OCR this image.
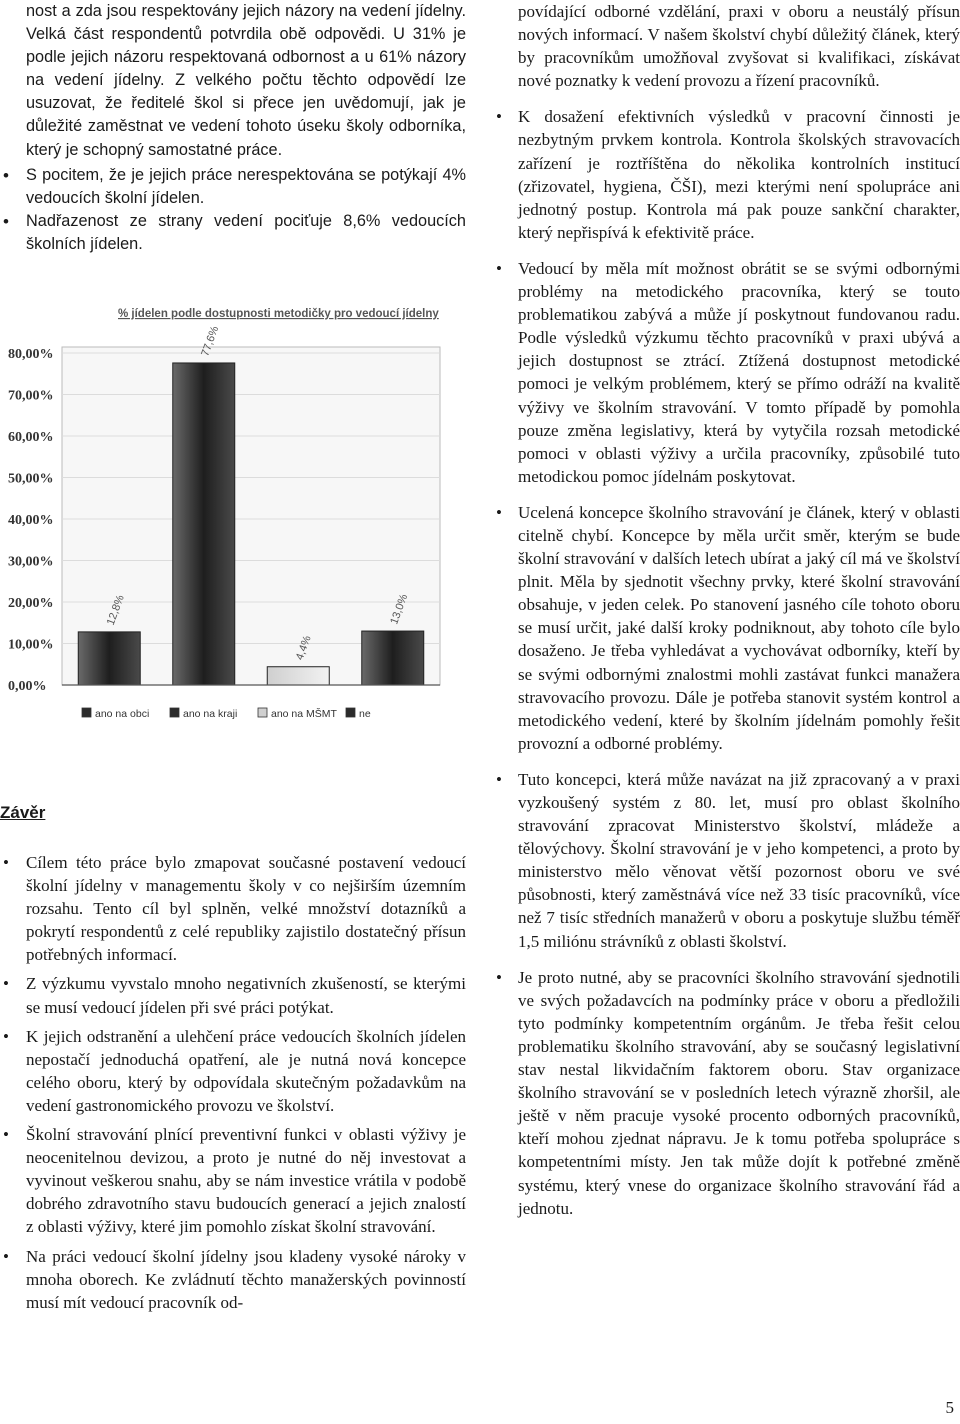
nost a zda jsou respektovány jejich názory na vedení jídelny. Velká část respondentů potvrdila obě odpovědi. U 31% je podle jejich názoru respektovaná odbornost a u 61% názory na vedení jídelny. Z velkého počtu těchto odpovědí lze usuzovat, že ředitelé škol si přece jen uvědomují, jak je důležité zaměstnat ve vedení tohoto úseku školy odborníka, který je schopný samostatné práce.

• S pocitem, že je jejich práce nerespektována se potýkají 4% vedoucích školní jídelen.
• Nadřazenost ze strany vedení pociťuje 8,6% vedoucích školních jídelen.
% jídelen podle dostupnosti metodičky pro vedoucí jídelny
80,00%
70,00%
60,00%
50,00%
40,00%
30,00%
20,00%
10,00%
0,00%
12,8%
77,6%
4,4%
13,0%
ano na obci	ano na kraji	ano na MŠMT ne
Závěr
• Cílem této práce bylo zmapovat současné postavení vedoucí školní jídelny v managementu školy v co nejširším územním rozsahu. Tento cíl byl splněn, velké množství dotazníků a pokrytí respondentů z celé republiky zajistilo dostatečný přísun potřebných informací.
• Z výzkumu vyvstalo mnoho negativních zkušeností, se kterými se musí vedoucí jídelen při své práci potýkat.
• K jejich odstranění a ulehčení práce vedoucích školních jídelen nepostačí jednoduchá opatření, ale je nutná nová koncepce celého oboru, který by odpovídala skutečným požadavkům na vedení gastronomického provozu ve školství.
• Školní stravování plnící preventivní funkci v oblasti výživy je neocenitelnou devizou, a proto je nutné do něj investovat a vyvinout veškerou snahu, aby se nám investice vrátila v podobě dobrého zdravotního stavu budoucích generací a jejich znalostí z oblasti výživy, které jim pomohlo získat školní stravování.
• Na práci vedoucí školní jídelny jsou kladeny vysoké nároky v mnoha oborech. Ke zvládnutí těchto manažerských povinností musí mít vedoucí pracovník od-

povídající odborné vzdělání, praxi v oboru a neustálý přísun nových informací. V našem školství chybí důležitý článek, který by pracovníkům umožňoval zvyšovat si kvalifikaci, získávat nové poznatky k vedení provozu a řízení pracovníků.

• K dosažení efektivních výsledků v pracovní činnosti je nezbytným prvkem kontrola. Kontrola školských stravovacích zařízení je roztříštěna do několika kontrolních institucí (zřizovatel, hygiena, ČŠI), mezi kterými není spolupráce ani jednotný postup. Kontrola má pak pouze sankční charakter, který nepřispívá k efektivitě práce.
• Vedoucí by měla mít možnost obrátit se se svými odbornými problémy na metodického pracovníka, který se touto problematikou zabývá a může jí poskytnout fundovanou radu. Podle výsledků výzkumu těchto pracovníků v praxi ubývá a jejich dostupnost se ztrácí. Ztížená dostupnost metodické pomoci je velkým problémem, který se přímo odráží na kvalitě výživy ve školním stravování. V tomto případě by pomohla pouze změna legislativy, která by vytyčila rozsah metodické pomoci v oblasti výživy a určila pracovníky, způsobilé tuto metodickou pomoc jídelnám poskytovat.
• Ucelená koncepce školního stravování je článek, který v oblasti citelně chybí. Koncepce by měla určit směr, kterým se bude školní stravování v dalších letech ubírat a jaký cíl má ve školství plnit. Měla by sjednotit všechny prvky, které školní stravování obsahuje, v jeden celek. Po stanovení jasného cíle tohoto oboru se musí určit, jaké další kroky podniknout, aby tohoto cíle bylo dosaženo. Je třeba vyhledávat a vychovávat odborníky, kteří by se svými odbornými znalostmi mohli zastávat funkci manažera stravovacího provozu. Dále je potřeba stanovit systém kontrol a metodického vedení, které by školním jídelnám pomohly řešit provozní a odborné problémy.
• Tuto koncepci, která může navázat na již zpracovaný a v praxi vyzkoušený systém z 80. let, musí pro oblast školního stravování zpracovat Ministerstvo školství, mládeže a tělovýchovy. Školní stravování je v jeho kompetenci, a proto by ministerstvo mělo věnovat větší pozornost oboru ve své působnosti, který zaměstnává více než 33 tisíc pracovníků, více než 7 tisíc středních manažerů v oboru a poskytuje službu téměř 1,5 miliónu strávníků z oblasti školství.
• Je proto nutné, aby se pracovníci školního stravování sjednotili ve svých požadavcích na podmínky práce v oboru a předložili tyto podmínky kompetentním orgánům. Je třeba řešit celou problematiku školního stravování, aby se současný legislativní stav nestal likvidačním faktorem oboru. Stav organizace školního stravování se v posledních letech výrazně zhoršil, ale ještě v něm pracuje vysoké procento odborných pracovníků, kteří mohou zjednat nápravu. Je k tomu potřeba spolupráce s kompetentními místy. Jen tak může dojít k potřebné změně systému, který vnese do organizace školního stravování řád a jednotu.
5
